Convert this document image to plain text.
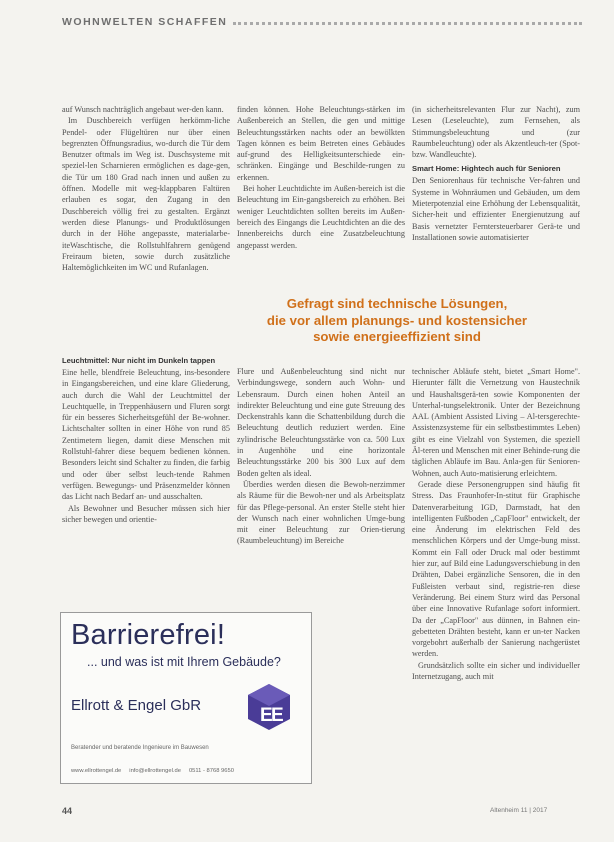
WOHNWELTEN SCHAFFEN

auf Wunsch nachträglich angebaut wer-den kann.

Im Duschbereich verfügen herkömm-liche Pendel- oder Flügeltüren nur über einen begrenzten Öffnungsradius, wo-durch die Tür dem Benutzer oftmals im Weg ist. Duschsysteme mit speziel-len Scharnieren ermöglichen es dage-gen, die Tür um 180 Grad nach innen und außen zu öffnen. Modelle mit weg-klappbaren Faltüren erlauben es sogar, den Zugang in den Duschbereich völlig frei zu gestalten. Ergänzt werden diese Planungs- und Produktlösungen durch in der Höhe angepasste, materialarbe-iteWaschtische, die Rollstuhlfahrern genügend Freiraum bieten, sowie durch zusätzliche Haltemöglichkeiten im WC und Rufanlagen.

finden können. Hohe Beleuchtungs-stärken im Außenbereich an Stellen, die gen und mittige Beleuchtungsstärken nachts oder an bewölkten Tagen können es beim Betreten eines Gebäudes auf-grund des Helligkeitsunterschiede ein-schränken. Eingänge und Beschilde-rungen zu erkennen.

Bei hoher Leuchtdichte im Außen-bereich ist die Beleuchtung im Ein-gangsbereich zu erhöhen. Bei weniger Leuchtdichten sollten bereits im Außen-bereich des Eingangs die Leuchtdichten an die des Innenbereichs durch eine Zusatzbeleuchtung angepasst werden.

(in sicherheitsrelevanten Flur zur Nacht), zum Lesen (Leseleuchte), zum Fernsehen, als Stimmungsbeleuchtung und (zur Raumbeleuchtung) oder als Akzentleuch-ter (Spot- bzw. Wandleuchte).

Smart Home: Hightech auch für Senioren

Den Seniorenhaus für technische Ver-fahren und Systeme in Wohnräumen und Gebäuden, um dem Mieterpotenzial eine Erhöhung der Lebensqualität, Sicher-heit und effizienter Energienutzung auf Basis vernetzter Ferntersteuerbarer Gerä-te und Installationen sowie automatisierter

Gefragt sind technische Lösungen,
die vor allem planungs- und kostensicher
sowie energieeffizient sind
Leuchtmittel: Nur nicht im Dunkeln tappen

Eine helle, blendfreie Beleuchtung, ins-besondere in Eingangsbereichen, und eine klare Gliederung, auch durch die Wahl der Leuchtmittel der Leuchtquelle, in Treppenhäusern und Fluren sorgt für ein besseres Sicherheitsgefühl der Be-wohner. Lichtschalter sollten in einer Höhe von rund 85 Zentimetern liegen, damit diese Menschen mit Rollstuhl-fahrer diese bequem bedienen können. Besonders leicht sind Schalter zu finden, die farbig und oder über selbst leuch-tende Rahmen verfügen. Bewegungs- und Präsenzmelder können das Licht nach Bedarf an- und ausschalten.

Als Bewohner und Besucher müssen sich hier sicher bewegen und orientie-

Flure und Außenbeleuchtung sind nicht nur Verbindungswege, sondern auch Wohn- und Lebensraum. Durch einen hohen Anteil an indirekter Beleuchtung und eine gute Streuung des Deckenstrahls kann die Schattenbildung durch die Beleuchtung deutlich reduziert werden. Eine zylindrische Beleuchtungsstärke von ca. 500 Lux in Augenhöhe und eine horizontale Beleuchtungsstärke 200 bis 300 Lux auf dem Boden gelten als ideal.

Überdies werden diesen die Bewoh-nerzimmer als Räume für die Bewoh-ner und als Arbeitsplatz für das Pflege-personal. An erster Stelle steht hier der Wunsch nach einer wohnlichen Umge-bung mit einer Beleuchtung zur Orien-tierung (Raumbeleuchtung) im Bereiche

technischer Abläufe steht, bietet „Smart Home". Hierunter fällt die Vernetzung von Haustechnik und Haushaltsgerä-ten sowie Komponenten der Unterhal-tungselektronik. Unter der Bezeichnung AAL (Ambient Assisted Living – Al-tersgerechte-Assistenzsysteme für ein selbstbestimmtes Leben) gibt es eine Vielzahl von Systemen, die speziell Äl-teren und Menschen mit einer Behinde-rung die täglichen Abläufe im Bau. Anla-gen für Senioren-Wohnen, auch Auto-matisierung erleichtern.

Gerade diese Personengruppen sind häufig fit Stress. Das Fraunhofer-In-stitut für Graphische Datenverarbeitung IGD, Darmstadt, hat den intelligenten Fußboden „CapFloor" entwickelt, der eine Änderung im elektrischen Feld des menschlichen Körpers und der Umge-bung misst. Kommt ein Fall oder Druck mal oder bestimmt hier zur, auf Bild eine Ladungsverschiebung in den Drähten, Dabei ergänzliche Sensoren, die in den Fußleisten verbaut sind, registrie-ren diese Veränderung. Bei einem Sturz wird das Personal über eine Innovative Rufanlage sofort informiert. Da der „CapFloor" aus dünnen, in Bahnen ein-gebetteten Drähten besteht, kann er un-ter Nacken vorgebohrt außerhalb der Sanierung nachgerüstet werden.

Grundsätzlich sollte ein sicher und individueller Internetzugang, auch mit

Barrierefrei!
... und was ist mit Ihrem Gebäude?
Ellrott & Engel GbR	E
E
Beratender und beratende Ingenieure im Bauwesen
www.ellrottengel.de info@ellrottengel.de 0511 - 8768 9650
44	Altenheim 11 | 2017
